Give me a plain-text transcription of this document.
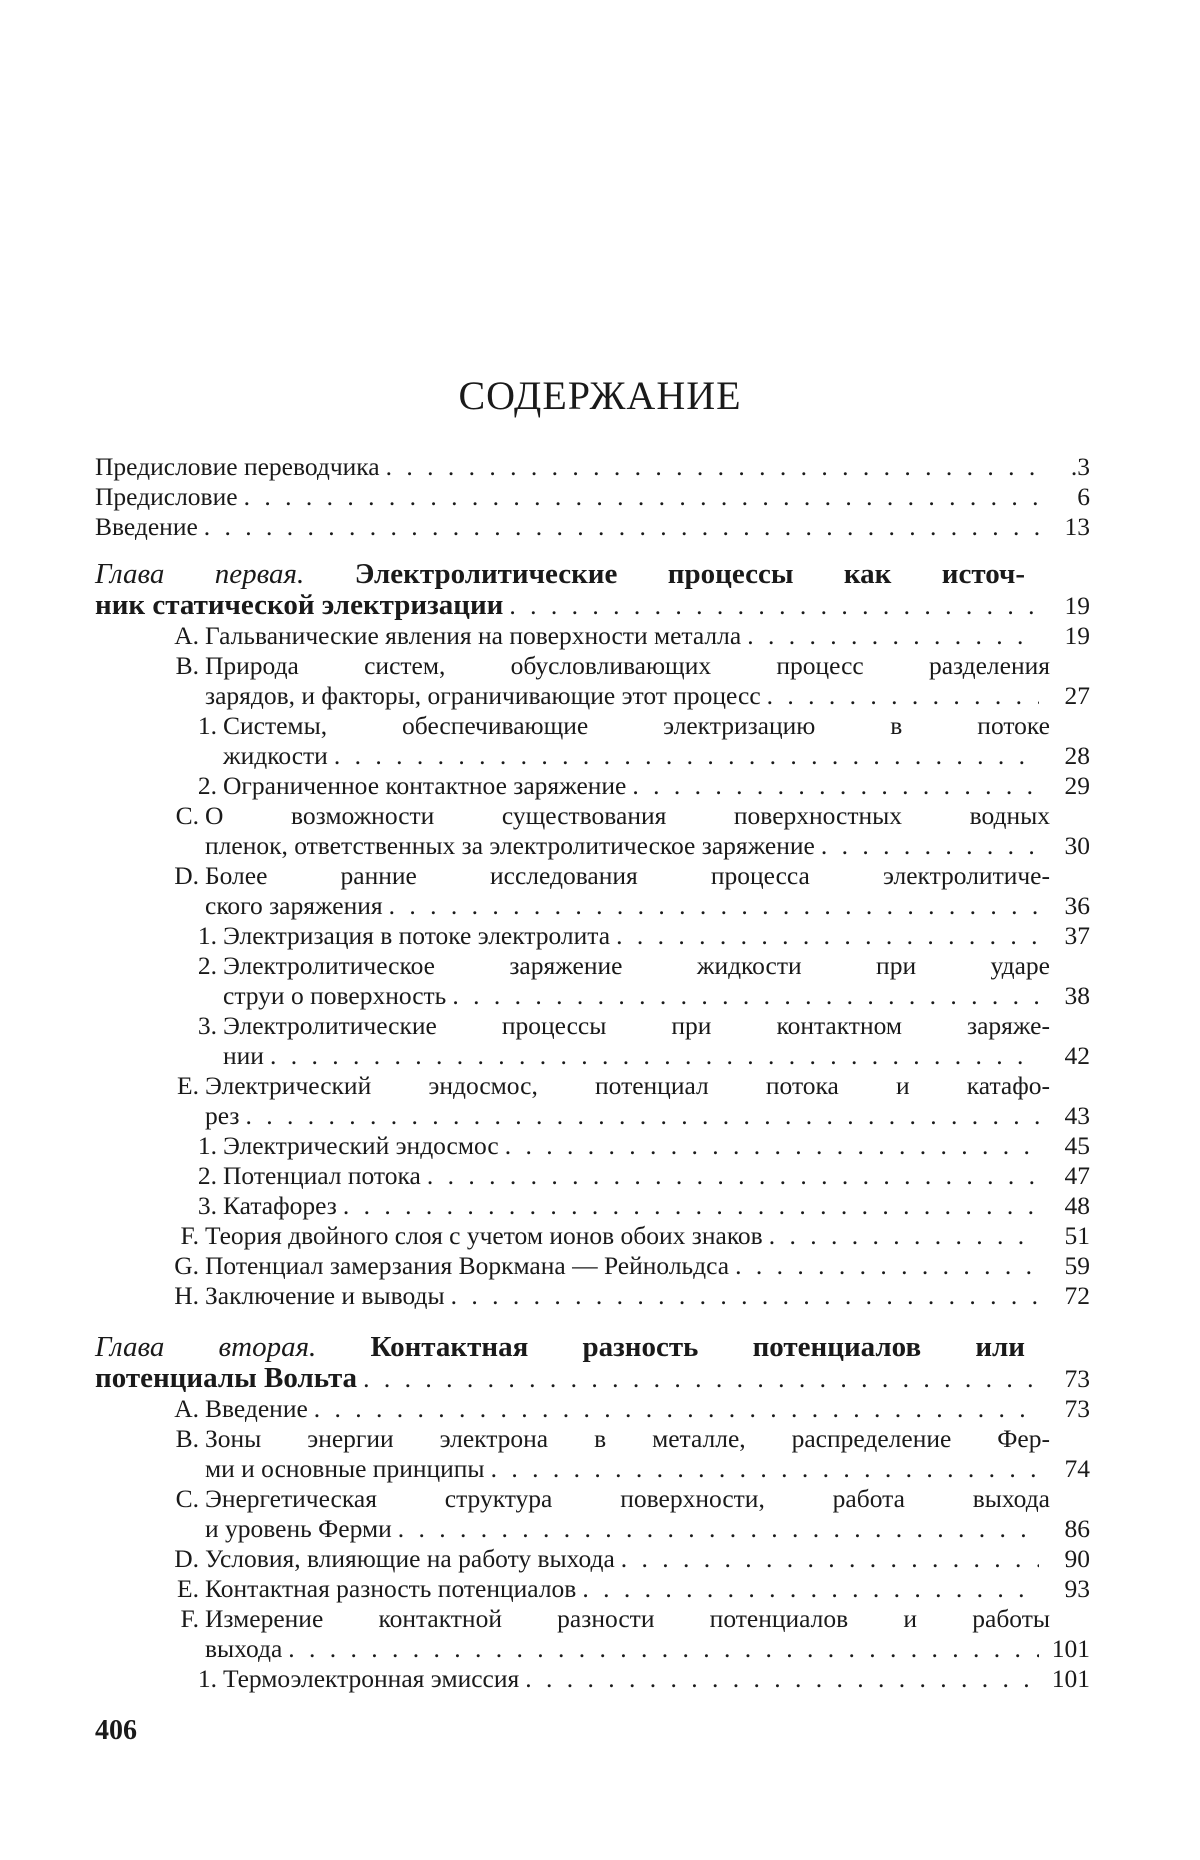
СОДЕРЖАНИЕ
Предисловие переводчика . . .	.3
Предисловие . . .	6
Введение . . .	13
Глава первая. Электролитические процессы как источ-
ник статической электризации . . .	19
A. Гальванические явления на поверхности металла . . .	19
B. Природа систем, обусловливающих процесс разделения
зарядов, и факторы, ограничивающие этот процесс . . .	27
1. Системы, обеспечивающие электризацию в потоке
жидкости . . .	28
2. Ограниченное контактное заряжение . . .	29
C. О возможности существования поверхностных водных
пленок, ответственных за электролитическое заряжение . . .	30
D. Более ранние исследования процесса электролитиче-
ского заряжения . . .	36
1. Электризация в потоке электролита . . .	37
2. Электролитическое заряжение жидкости при ударе
струи о поверхность . . .	38
3. Электролитические процессы при контактном заряже-
нии . . .	42
E. Электрический эндосмос, потенциал потока и катафо-
рез . . .	43
1. Электрический эндосмос . . .	45
2. Потенциал потока . . .	47
3. Катафорез . . .	48
F. Теория двойного слоя с учетом ионов обоих знаков . . .	51
G. Потенциал замерзания Воркмана — Рейнольдса . . .	59
H. Заключение и выводы . . .	72
Глава вторая. Контактная разность потенциалов или
потенциалы Вольта . . .	73
A. Введение . . .	73
B. Зоны энергии электрона в металле, распределение Фер-
ми и основные принципы . . .	74
C. Энергетическая структура поверхности, работа выхода
и уровень Ферми . . .	86
D. Условия, влияющие на работу выхода . . .	90
E. Контактная разность потенциалов . . .	93
F. Измерение контактной разности потенциалов и работы
выхода . . .	101
1. Термоэлектронная эмиссия . . .	101
406
